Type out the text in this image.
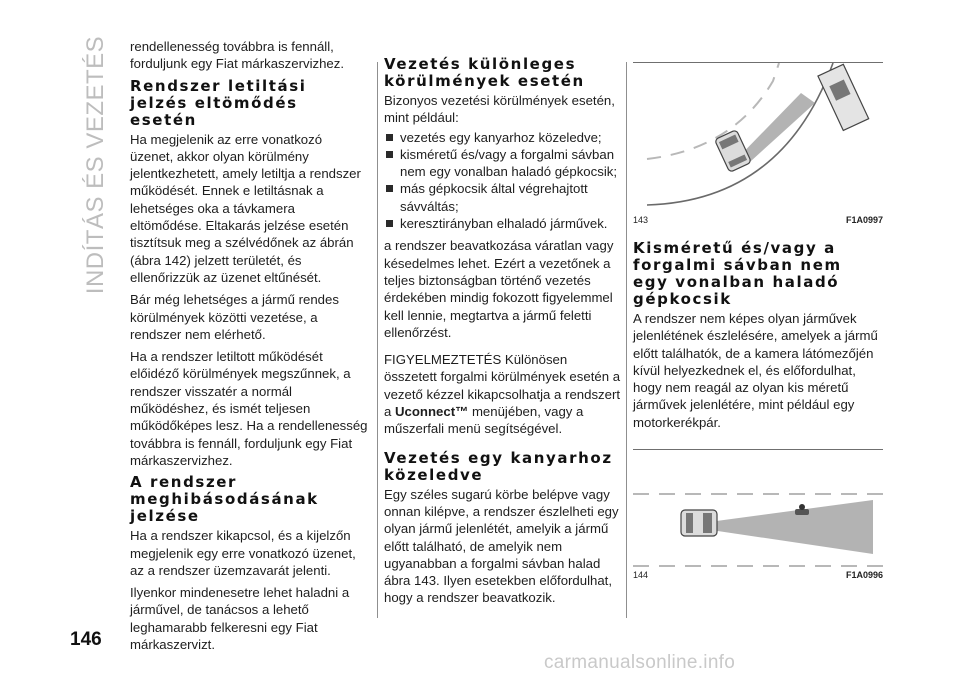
INDÍTÁS ÉS VEZETÉS rendellenesség továbbra is fennáll, forduljunk egy Fiat márkaszervizhez.

Rendszer letiltási jelzés eltömődés esetén

Ha megjelenik az erre vonatkozó üzenet, akkor olyan körülmény jelentkezhetett, amely letiltja a rendszer működését. Ennek e letiltásnak a lehetséges oka a távkamera eltömődése. Eltakarás jelzése esetén tisztítsuk meg a szélvédőnek az ábrán (ábra 142) jelzett területét, és ellenőrizzük az üzenet eltűnését.

Bár még lehetséges a jármű rendes körülmények közötti vezetése, a rendszer nem elérhető.

Ha a rendszer letiltott működését előidéző körülmények megszűnnek, a rendszer visszatér a normál működéshez, és ismét teljesen működőképes lesz. Ha a rendellenesség továbbra is fennáll, forduljunk egy Fiat márkaszervizhez.

A rendszer meghibásodásának jelzése

Ha a rendszer kikapcsol, és a kijelzőn megjelenik egy erre vonatkozó üzenet, az a rendszer üzemzavarát jelenti.

Ilyenkor mindenesetre lehet haladni a járművel, de tanácsos a lehető leghamarabb felkeresni egy Fiat márkaszervizt.

Vezetés különleges körülmények esetén

Bizonyos vezetési körülmények esetén, mint például:

vezetés egy kanyarhoz közeledve;
kisméretű és/vagy a forgalmi sávban nem egy vonalban haladó gépkocsik;
más gépkocsik által végrehajtott sávváltás;
keresztirányban elhaladó járművek.

a rendszer beavatkozása váratlan vagy késedelmes lehet. Ezért a vezetőnek a teljes biztonságban történő vezetés érdekében mindig fokozott figyelemmel kell lennie, megtartva a jármű feletti ellenőrzést.

FIGYELMEZTETÉS Különösen összetett forgalmi körülmények esetén a vezető kézzel kikapcsolhatja a rendszert a Uconnect™ menüjében, vagy a műszerfali menü segítségével.

Vezetés egy kanyarhoz közeledve

Egy széles sugarú körbe belépve vagy onnan kilépve, a rendszer észlelheti egy olyan jármű jelenlétét, amelyik a jármű előtt található, de amelyik nem ugyanabban a forgalmi sávban halad ábra 143. Ilyen esetekben előfordulhat, hogy a rendszer beavatkozik.

143	F1A0997
Kisméretű és/vagy a forgalmi sávban nem egy vonalban haladó gépkocsik

A rendszer nem képes olyan járművek jelenlétének észlelésére, amelyek a jármű előtt találhatók, de a kamera látómezőjén kívül helyezkednek el, és előfordulhat, hogy nem reagál az olyan kis méretű járművek jelenlétére, mint például egy motorkerékpár.

144	F1A0996
146
carmanualsonline.info
